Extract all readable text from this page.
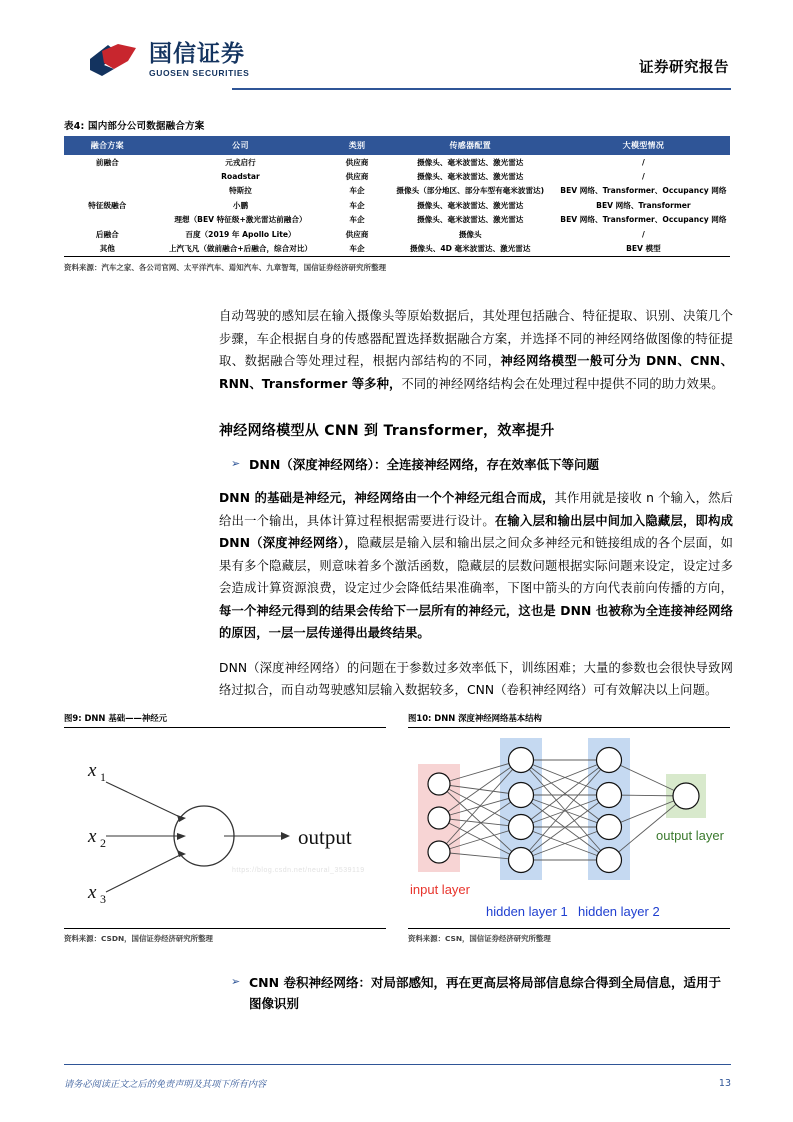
国信证券
GUOSEN SECURITIES	证券研究报告
表4: 国内部分公司数据融合方案
融合方案	公司	类别	传感器配置	大模型情况
前融合	元戎启行	供应商	摄像头、毫米波雷达、激光雷达	/
	Roadstar	供应商	摄像头、毫米波雷达、激光雷达	/
	特斯拉	车企	摄像头（部分地区、部分车型有毫米波雷达)	BEV 网络、Transformer、Occupancy 网络
特征级融合	小鹏	车企	摄像头、毫米波雷达、激光雷达	BEV 网络、Transformer
	理想（BEV 特征级+激光雷达前融合）	车企	摄像头、毫米波雷达、激光雷达	BEV 网络、Transformer、Occupancy 网络
后融合	百度（2019 年 Apollo Lite）	供应商	摄像头	/
其他	上汽飞凡（做前融合+后融合，综合对比）	车企	摄像头、4D 毫米波雷达、激光雷达	BEV 模型
资料来源：汽车之家、各公司官网、太平洋汽车、焉知汽车、九章智驾，国信证券经济研究所整理

自动驾驶的感知层在输入摄像头等原始数据后，其处理包括融合、特征提取、识别、决策几个步骤，车企根据自身的传感器配置选择数据融合方案，并选择不同的神经网络做图像的特征提取、数据融合等处理过程，根据内部结构的不同，神经网络模型一般可分为 DNN、CNN、RNN、Transformer 等多种，不同的神经网络结构会在处理过程中提供不同的助力效果。

神经网络模型从 CNN 到 Transformer，效率提升
➢ DNN（深度神经网络）：全连接神经网络，存在效率低下等问题

DNN 的基础是神经元，神经网络由一个个神经元组合而成，其作用就是接收 n 个输入，然后给出一个输出，具体计算过程根据需要进行设计。在输入层和输出层中间加入隐藏层，即构成 DNN（深度神经网络），隐藏层是输入层和输出层之间众多神经元和链接组成的各个层面，如果有多个隐藏层，则意味着多个激活函数，隐藏层的层数问题根据实际问题来设定，设定过多会造成计算资源浪费，设定过少会降低结果准确率，下图中箭头的方向代表前向传播的方向，每一个神经元得到的结果会传给下一层所有的神经元，这也是 DNN 也被称为全连接神经网络的原因，一层一层传递得出最终结果。

DNN（深度神经网络）的问题在于参数过多效率低下，训练困难；大量的参数也会很快导致网络过拟合，而自动驾驶感知层输入数据较多，CNN（卷积神经网络）可有效解决以上问题。

图9: DNN 基础——神经元
x 1
x 2
x 3
output
https://blog.csdn.net/neural_3539119
资料来源：CSDN，国信证券经济研究所整理
图10: DNN 深度神经网络基本结构
input layer
hidden layer 1 hidden layer 2
output layer
资料来源：CSN，国信证券经济研究所整理
➢ CNN 卷积神经网络：对局部感知，再在更高层将局部信息综合得到全局信息，适用于图像识别
请务必阅读正文之后的免责声明及其项下所有内容	13
